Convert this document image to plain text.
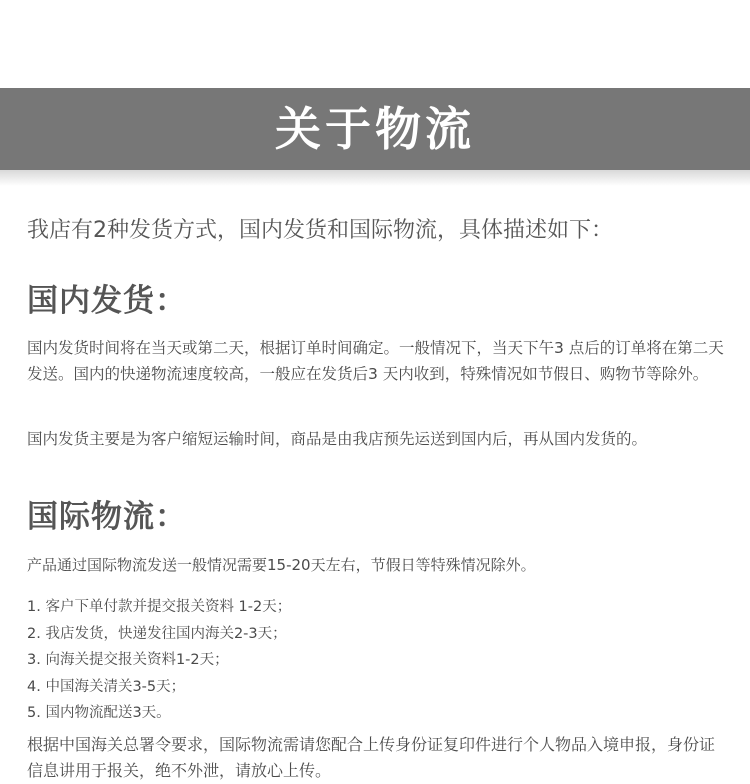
关于物流
我店有2种发货方式，国内发货和国际物流，具体描述如下：
国内发货：
国内发货时间将在当天或第二天，根据订单时间确定。一般情况下，当天下午3 点后的订单将在第二天发送。国内的快递物流速度较高，一般应在发货后3 天内收到，特殊情况如节假日、购物节等除外。
国内发货主要是为客户缩短运输时间，商品是由我店预先运送到国内后，再从国内发货的。
国际物流：
产品通过国际物流发送一般情况需要15-20天左右，节假日等特殊情况除外。
1. 客户下单付款并提交报关资料 1-2天；
2. 我店发货，快递发往国内海关2-3天；
3. 向海关提交报关资料1-2天；
4. 中国海关清关3-5天；
5. 国内物流配送3天。
根据中国海关总署令要求，国际物流需请您配合上传身份证复印件进行个人物品入境申报，身份证信息讲用于报关，绝不外泄，请放心上传。
